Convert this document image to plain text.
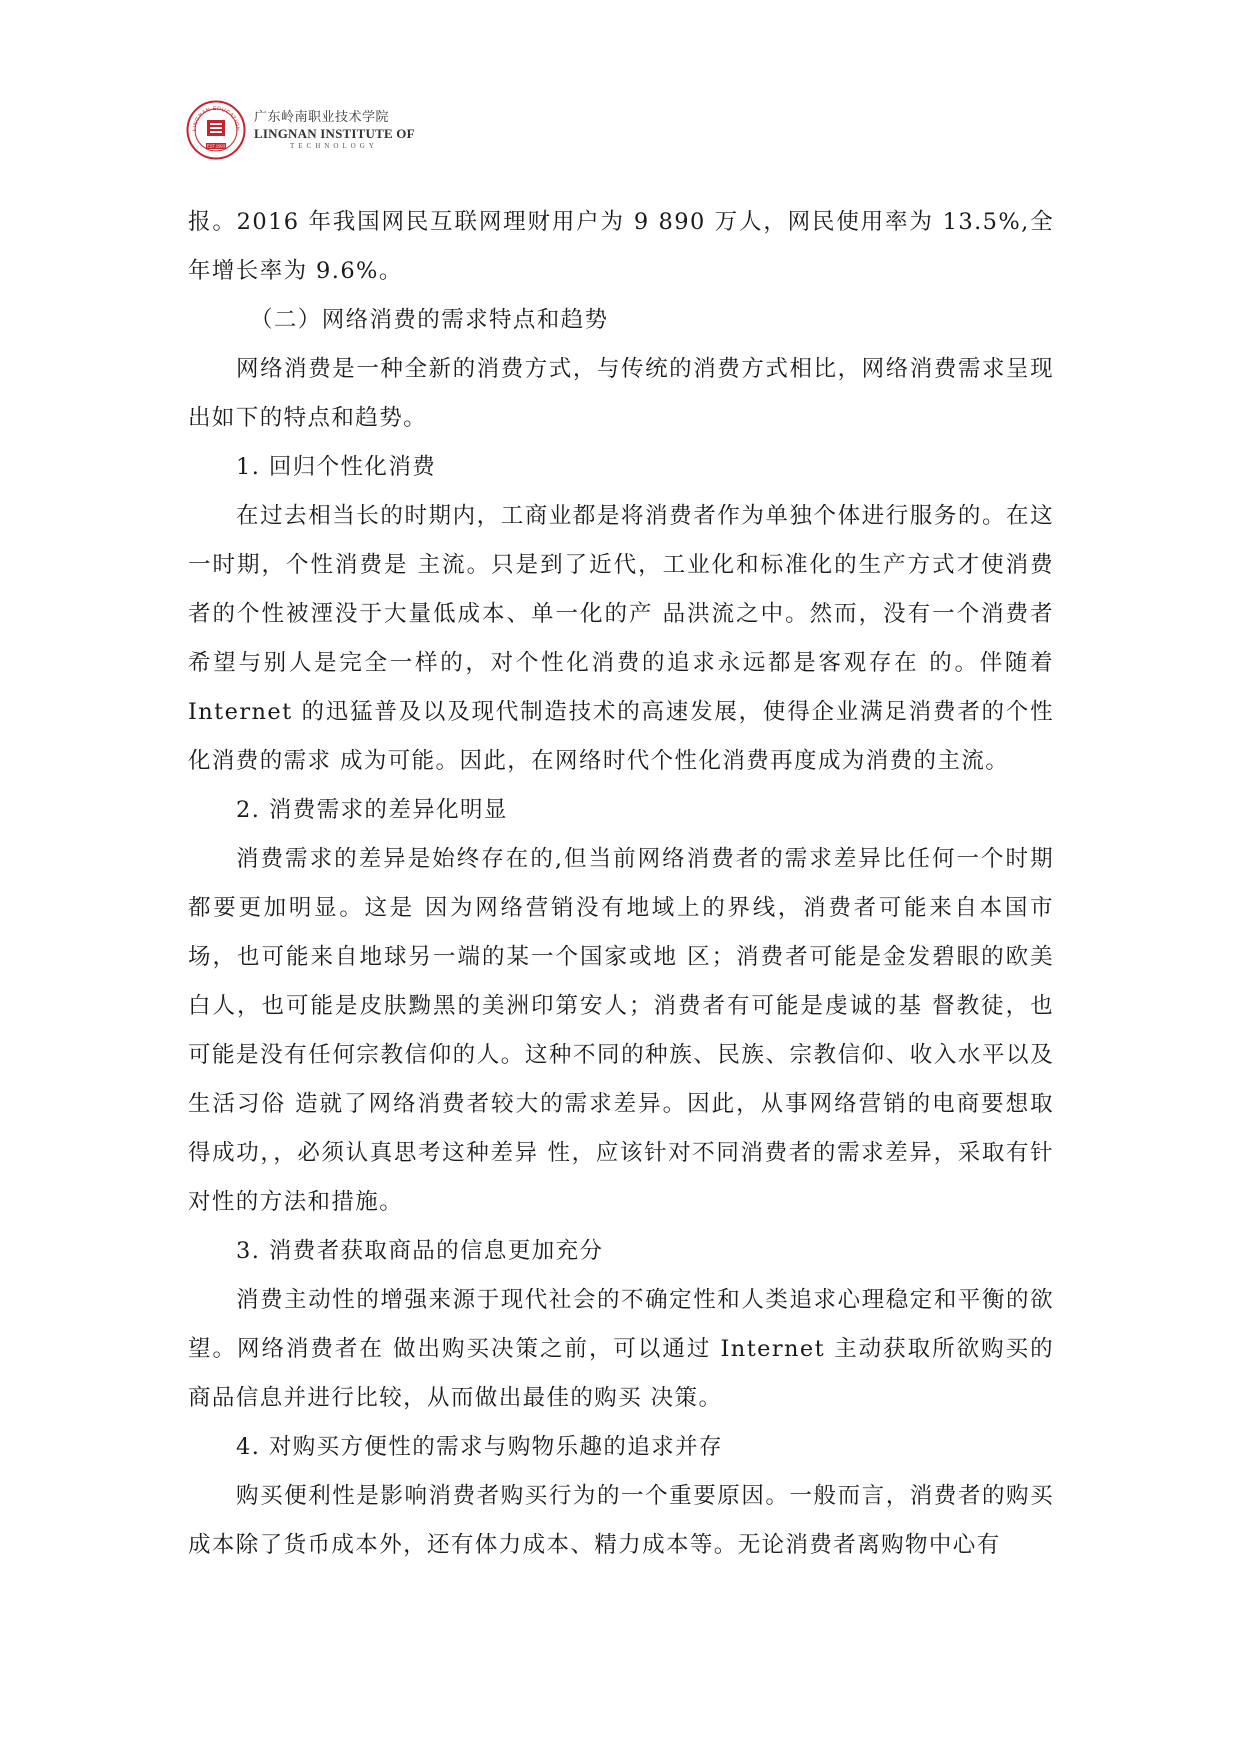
LINGNAN EDUCATION
EST.1993
广东岭南职业技术学院
LINGNAN INSTITUTE OF
TECHNOLOGY

报。2016 年我国网民互联网理财用户为 9 890 万人，网民使用率为 13.5%,全 年增长率为 9.6%。

（二）网络消费的需求特点和趋势

网络消费是一种全新的消费方式，与传统的消费方式相比，网络消费需求呈现出如下的特点和趋势。

1. 回归个性化消费

在过去相当长的时期内，工商业都是将消费者作为单独个体进行服务的。在这一时期，个性消费是 主流。只是到了近代，工业化和标准化的生产方式才使消费者的个性被湮没于大量低成本、单一化的产 品洪流之中。然而，没有一个消费者希望与别人是完全一样的，对个性化消费的追求永远都是客观存在 的。伴随着 Internet 的迅猛普及以及现代制造技术的高速发展，使得企业满足消费者的个性化消费的需求 成为可能。因此，在网络时代个性化消费再度成为消费的主流。

2. 消费需求的差异化明显

消费需求的差异是始终存在的,但当前网络消费者的需求差异比任何一个时期都要更加明显。这是 因为网络营销没有地域上的界线，消费者可能来自本国市场，也可能来自地球另一端的某一个国家或地 区；消费者可能是金发碧眼的欧美白人，也可能是皮肤黝黑的美洲印第安人；消费者有可能是虔诚的基 督教徒，也可能是没有任何宗教信仰的人。这种不同的种族、民族、宗教信仰、收入水平以及生活习俗 造就了网络消费者较大的需求差异。因此，从事网络营销的电商要想取得成功，，必须认真思考这种差异 性，应该针对不同消费者的需求差异，采取有针对性的方法和措施。

3. 消费者获取商品的信息更加充分

消费主动性的增强来源于现代社会的不确定性和人类追求心理稳定和平衡的欲望。网络消费者在 做出购买决策之前，可以通过 Internet 主动获取所欲购买的商品信息并进行比较，从而做出最佳的购买 决策。

4. 对购买方便性的需求与购物乐趣的追求并存

购买便利性是影响消费者购买行为的一个重要原因。一般而言，消费者的购买成本除了货币成本外，还有体力成本、精力成本等。无论消费者离购物中心有
